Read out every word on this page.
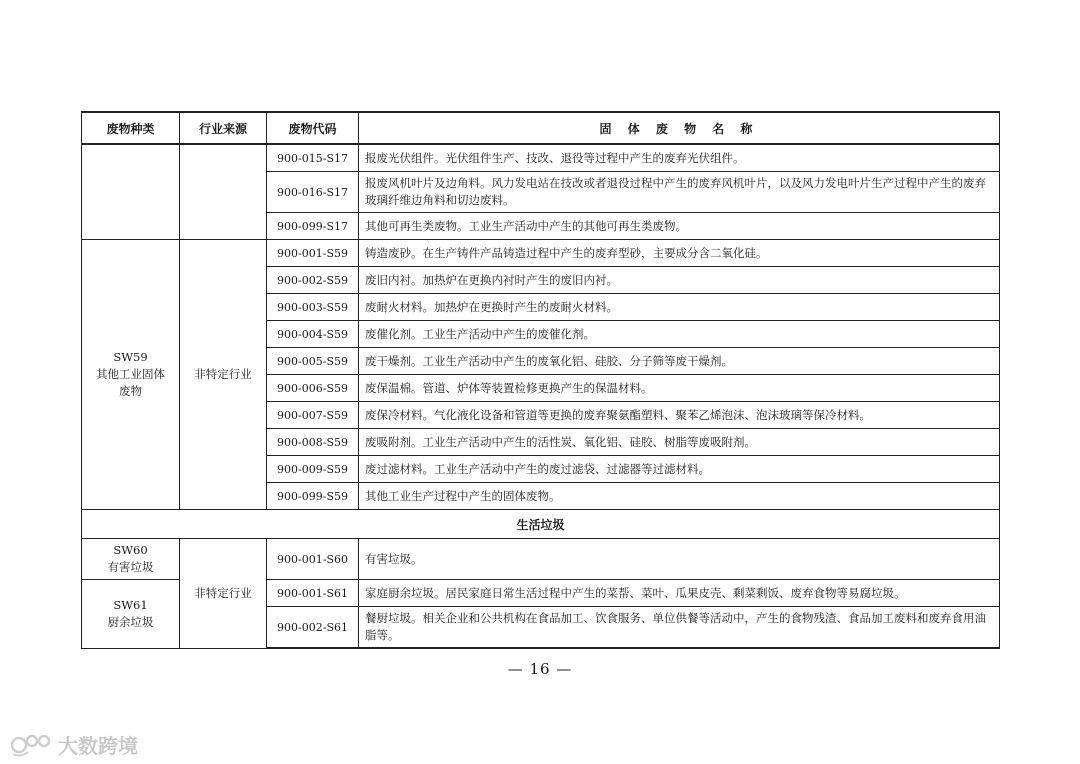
废物种类	行业来源	废物代码	固 体 废 物 名 称
		900-015-S17	报废光伏组件。光伏组件生产、技改、退役等过程中产生的废弃光伏组件。
		900-016-S17	报废风机叶片及边角料。风力发电站在技改或者退役过程中产生的废弃风机叶片，以及风力发电叶片生产过程中产生的废弃玻璃纤维边角料和切边废料。
		900-099-S17	其他可再生类废物。工业生产活动中产生的其他可再生类废物。

SW59
其他工业固体废物	非特定行业	900-001-S59	铸造废砂。在生产铸件产品铸造过程中产生的废弃型砂，主要成分含二氧化硅。
		900-002-S59	废旧内衬。加热炉在更换内衬时产生的废旧内衬。
		900-003-S59	废耐火材料。加热炉在更换时产生的废耐火材料。
		900-004-S59	废催化剂。工业生产活动中产生的废催化剂。
		900-005-S59	废干燥剂。工业生产活动中产生的废氧化铝、硅胶、分子筛等废干燥剂。
		900-006-S59	废保温棉。管道、炉体等装置检修更换产生的保温材料。
		900-007-S59	废保冷材料。气化液化设备和管道等更换的废弃聚氨酯塑料、聚苯乙烯泡沫、泡沫玻璃等保冷材料。
		900-008-S59	废吸附剂。工业生产活动中产生的活性炭、氧化铝、硅胶、树脂等废吸附剂。
		900-009-S59	废过滤材料。工业生产活动中产生的废过滤袋、过滤器等过滤材料。
		900-099-S59	其他工业生产过程中产生的固体废物。
生活垃圾			

SW60
有害垃圾	非特定行业	900-001-S60	有害垃圾。

SW61
厨余垃圾		900-001-S61	家庭厨余垃圾。居民家庭日常生活过程中产生的菜帮、菜叶、瓜果皮壳、剩菜剩饭、废弃食物等易腐垃圾。
		900-002-S61	餐厨垃圾。相关企业和公共机构在食品加工、饮食服务、单位供餐等活动中，产生的食物残渣、食品加工废料和废弃食用油脂等。
— 16 —
大数跨境
